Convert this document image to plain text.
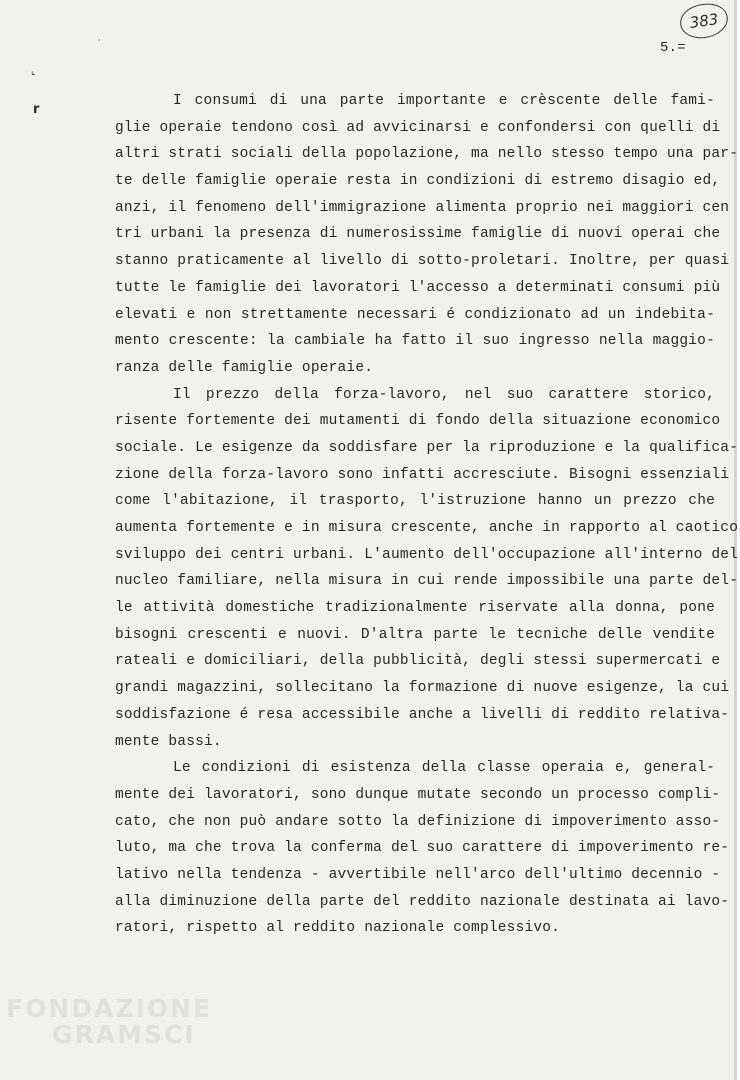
'
⌞
r
383
5.=
I consumi di una parte importante e crèscente delle fami-
glie operaie tendono così ad avvicinarsi e confondersi con quelli di
altri strati sociali della popolazione, ma nello stesso tempo una par-
te delle famiglie operaie resta in condizioni di estremo disagio ed,
anzi, il fenomeno dell'immigrazione alimenta proprio nei maggiori cen
tri urbani la presenza di numerosissime famiglie di nuovi operai che
stanno praticamente al livello di sotto-proletari. Inoltre, per quasi
tutte le famiglie dei lavoratori l'accesso a determinati consumi più
elevati e non strettamente necessari é condizionato ad un indebita-
mento crescente: la cambiale ha fatto il suo ingresso nella maggio-
ranza delle famiglie operaie.
Il prezzo della forza-lavoro, nel suo carattere storico,
risente fortemente dei mutamenti di fondo della situazione economico
sociale. Le esigenze da soddisfare per la riproduzione e la qualifica-
zione della forza-lavoro sono infatti accresciute. Bisogni essenziali
come l'abitazione, il trasporto, l'istruzione hanno un prezzo che
aumenta fortemente e in misura crescente, anche in rapporto al caotico
sviluppo dei centri urbani. L'aumento dell'occupazione all'interno del
nucleo familiare, nella misura in cui rende impossibile una parte del-
le attività domestiche tradizionalmente riservate alla donna, pone
bisogni crescenti e nuovi. D'altra parte le tecniche delle vendite
rateali e domiciliari, della pubblicità, degli stessi supermercati e
grandi magazzini, sollecitano la formazione di nuove esigenze, la cui
soddisfazione é resa accessibile anche a livelli di reddito relativa-
mente bassi.
Le condizioni di esistenza della classe operaia e, general-
mente dei lavoratori, sono dunque mutate secondo un processo compli-
cato, che non può andare sotto la definizione di impoverimento asso-
luto, ma che trova la conferma del suo carattere di impoverimento re-
lativo nella tendenza - avvertibile nell'arco dell'ultimo decennio -
alla diminuzione della parte del reddito nazionale destinata ai lavo-
ratori, rispetto al reddito nazionale complessivo.
FONDAZIONE
GRAMSCI
